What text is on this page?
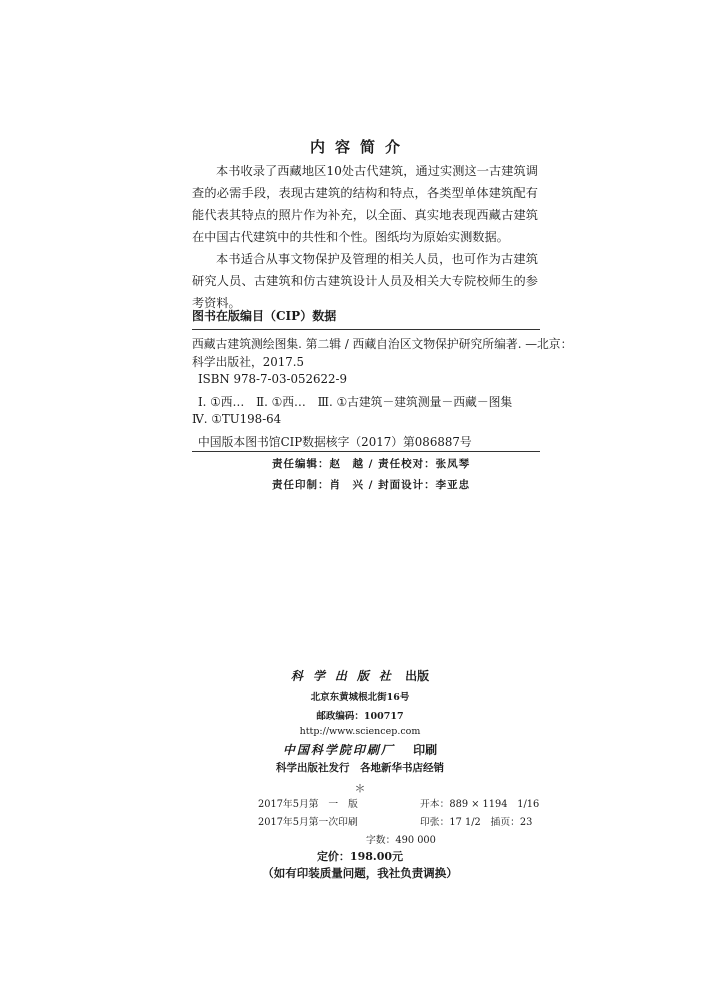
内容简介

本书收录了西藏地区10处古代建筑，通过实测这一古建筑调查的必需手段，表现古建筑的结构和特点，各类型单体建筑配有能代表其特点的照片作为补充，以全面、真实地表现西藏古建筑在中国古代建筑中的共性和个性。图纸均为原始实测数据。

本书适合从事文物保护及管理的相关人员，也可作为古建筑研究人员、古建筑和仿古建筑设计人员及相关大专院校师生的参考资料。

图书在版编目（CIP）数据
西藏古建筑测绘图集. 第二辑 / 西藏自治区文物保护研究所编著. —北京：
科学出版社，2017.5
ISBN 978-7-03-052622-9
Ⅰ. ①西…　Ⅱ. ①西…　Ⅲ. ①古建筑－建筑测量－西藏－图集
Ⅳ. ①TU198-64
中国版本图书馆CIP数据核字（2017）第086887号
责任编辑：赵　越 / 责任校对：张凤琴
责任印制：肖　兴 / 封面设计：李亚忠
科学出版社 出版
北京东黄城根北街16号
邮政编码：100717
http://www.sciencep.com
中国科学院印刷厂 印刷
科学出版社发行　各地新华书店经销
＊
2017年5月第　一　版	开本：889 × 1194　1/16
2017年5月第一次印刷	印张：17 1/2　插页：23
字数：490 000
定价：198.00元
（如有印装质量问题，我社负责调换）
